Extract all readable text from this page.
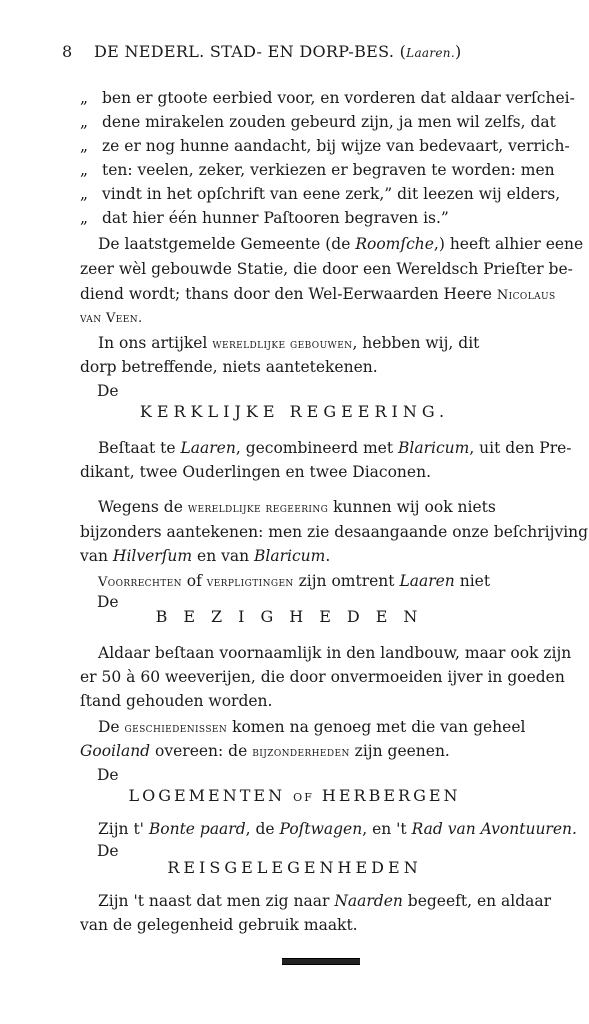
8 DE NEDERL. STAD- EN DORP-BES. (Laaren.)
„ ben er gtoote eerbied voor, en vorderen dat aldaar verſchei-
„ dene mirakelen zouden gebeurd zijn, ja men wil zelfs, dat
„ ze er nog hunne aandacht, bij wijze van bedevaart, verrich-
„ ten: veelen, zeker, verkiezen er begraven te worden: men
„ vindt in het opſchrift van eene zerk,” dit leezen wij elders,
„ dat hier één hunner Paſtooren begraven is.”
De laatstgemelde Gemeente (de Roomſche,) heeft alhier eene
zeer wèl gebouwde Statie, die door een Wereldsch Prieſter be-
diend wordt; thans door den Wel-Eerwaarden Heere Nicolaus
van Veen.
In ons artijkel wereldlijke gebouwen, hebben wij, dit
dorp betreffende, niets aantetekenen.
De
KERKLIJKE REGEERING.
Beſtaat te Laaren, gecombineerd met Blaricum, uit den Pre-
dikant, twee Ouderlingen en twee Diaconen.
Wegens de wereldlijke regeering kunnen wij ook niets
bijzonders aantekenen: men zie desaangaande onze beſchrijving
van Hilverſum en van Blaricum.
Voorrechten of verpligtingen zijn omtrent Laaren niet
De
BEZIGHEDEN
Aldaar beſtaan voornaamlijk in den landbouw, maar ook zijn
er 50 à 60 weeverijen, die door onvermoeiden ijver in goeden
ſtand gehouden worden.
De geschiedenissen komen na genoeg met die van geheel
Gooiland overeen: de bijzonderheden zijn geenen.
De
LOGEMENTEN OF HERBERGEN
Zijn t' Bonte paard, de Poſtwagen, en 't Rad van Avontuuren.
De
REISGELEGENHEDEN
Zijn 't naast dat men zig naar Naarden begeeft, en aldaar
van de gelegenheid gebruik maakt.
